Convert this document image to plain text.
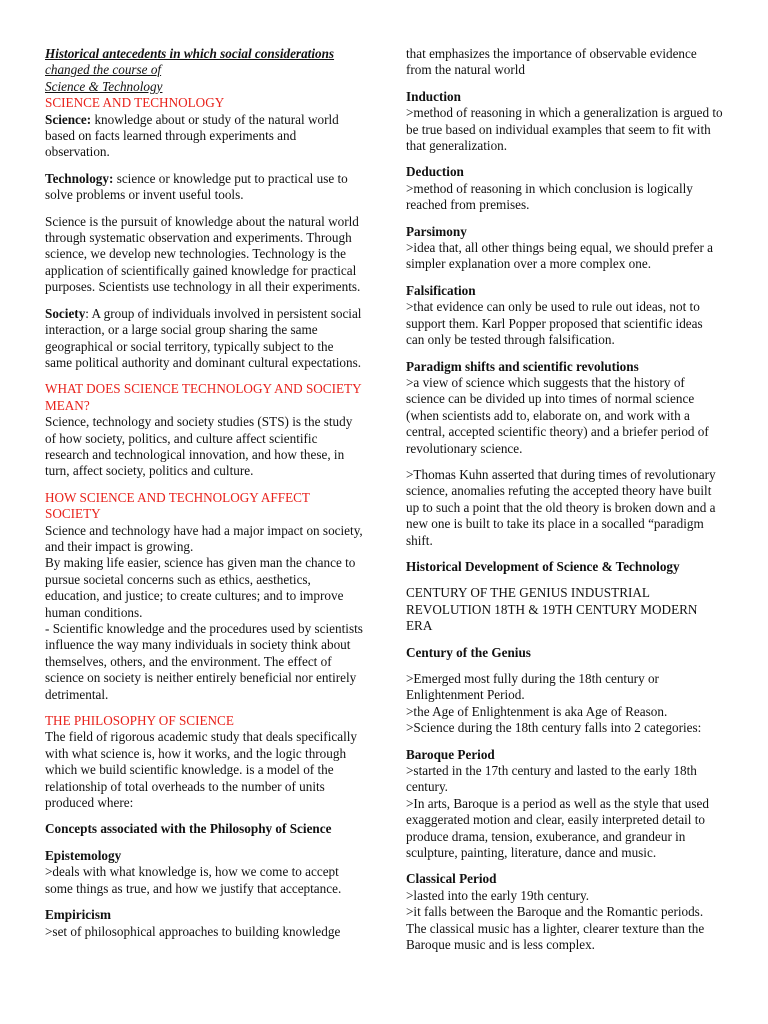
Historical antecedents in which social considerations

changed the course of

Science & Technology

SCIENCE AND TECHNOLOGY

Science: knowledge about or study of the natural world based on facts learned through experiments and observation.

Technology: science or knowledge put to practical use to solve problems or invent useful tools.

Science is the pursuit of knowledge about the natural world through systematic observation and experiments. Through science, we develop new technologies. Technology is the application of scientifically gained knowledge for practical purposes. Scientists use technology in all their experiments.

Society: A group of individuals involved in persistent social interaction, or a large social group sharing the same geographical or social territory, typically subject to the same political authority and dominant cultural expectations.

WHAT DOES SCIENCE TECHNOLOGY AND SOCIETY MEAN?

Science, technology and society studies (STS) is the study of how society, politics, and culture affect scientific research and technological innovation, and how these, in turn, affect society, politics and culture.

HOW SCIENCE AND TECHNOLOGY AFFECT SOCIETY

Science and technology have had a major impact on society, and their impact is growing.

By making life easier, science has given man the chance to pursue societal concerns such as ethics, aesthetics, education, and justice; to create cultures; and to improve human conditions.

- Scientific knowledge and the procedures used by scientists influence the way many individuals in society think about themselves, others, and the environment. The effect of science on society is neither entirely beneficial nor entirely detrimental.

THE PHILOSOPHY OF SCIENCE

The field of rigorous academic study that deals specifically with what science is, how it works, and the logic through which we build scientific knowledge. is a model of the relationship of total overheads to the number of units produced where:

Concepts associated with the Philosophy of Science

Epistemology

>deals with what knowledge is, how we come to accept some things as true, and how we justify that acceptance.

Empiricism

>set of philosophical approaches to building knowledge

that emphasizes the importance of observable evidence from the natural world

Induction

>method of reasoning in which a generalization is argued to be true based on individual examples that seem to fit with that generalization.

Deduction

>method of reasoning in which conclusion is logically reached from premises.

Parsimony

>idea that, all other things being equal, we should prefer a simpler explanation over a more complex one.

Falsification

>that evidence can only be used to rule out ideas, not to support them. Karl Popper proposed that scientific ideas can only be tested through falsification.

Paradigm shifts and scientific revolutions

>a view of science which suggests that the history of science can be divided up into times of normal science (when scientists add to, elaborate on, and work with a central, accepted scientific theory) and a briefer period of revolutionary science.

>Thomas Kuhn asserted that during times of revolutionary science, anomalies refuting the accepted theory have built up to such a point that the old theory is broken down and a new one is built to take its place in a socalled “paradigm shift.

Historical Development of Science & Technology

CENTURY OF THE GENIUS INDUSTRIAL REVOLUTION 18TH & 19TH CENTURY MODERN ERA

Century of the Genius

>Emerged most fully during the 18th century or Enlightenment Period.

>the Age of Enlightenment is aka Age of Reason.

>Science during the 18th century falls into 2 categories:

Baroque Period

>started in the 17th century and lasted to the early 18th century.

>In arts, Baroque is a period as well as the style that used exaggerated motion and clear, easily interpreted detail to produce drama, tension, exuberance, and grandeur in sculpture, painting, literature, dance and music.

Classical Period

>lasted into the early 19th century.

>it falls between the Baroque and the Romantic periods. The classical music has a lighter, clearer texture than the Baroque music and is less complex.
